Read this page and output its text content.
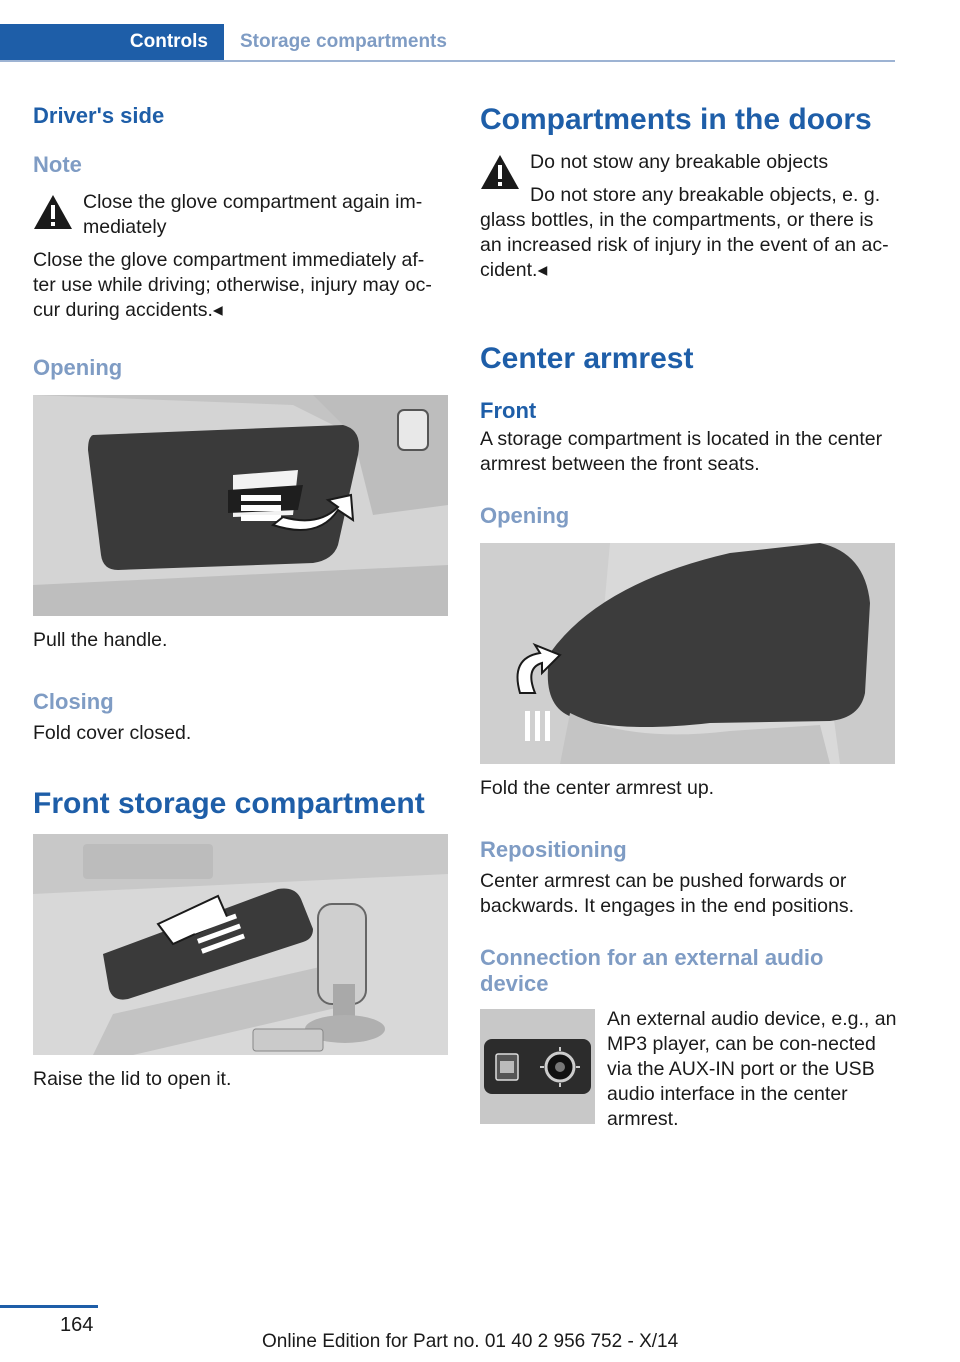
Controls	Storage compartments
Driver's side
Note

Close the glove compartment again im-mediately

Close the glove compartment immediately af-ter use while driving; otherwise, injury may oc-cur during accidents.◂

Opening

Pull the handle.

Closing

Fold cover closed.

Front storage compartment

Raise the lid to open it.

Compartments in the doors

Do not stow any breakable objects

Do not store any breakable objects, e. g. glass bottles, in the compartments, or there is an increased risk of injury in the event of an ac-cident.◂

Center armrest
Front

A storage compartment is located in the center armrest between the front seats.

Opening

Fold the center armrest up.

Repositioning

Center armrest can be pushed forwards or backwards. It engages in the end positions.

Connection for an external audio device

An external audio device, e.g., an MP3 player, can be con-nected via the AUX-IN port or the USB audio interface in the center armrest.

164
Online Edition for Part no. 01 40 2 956 752 - X/14
